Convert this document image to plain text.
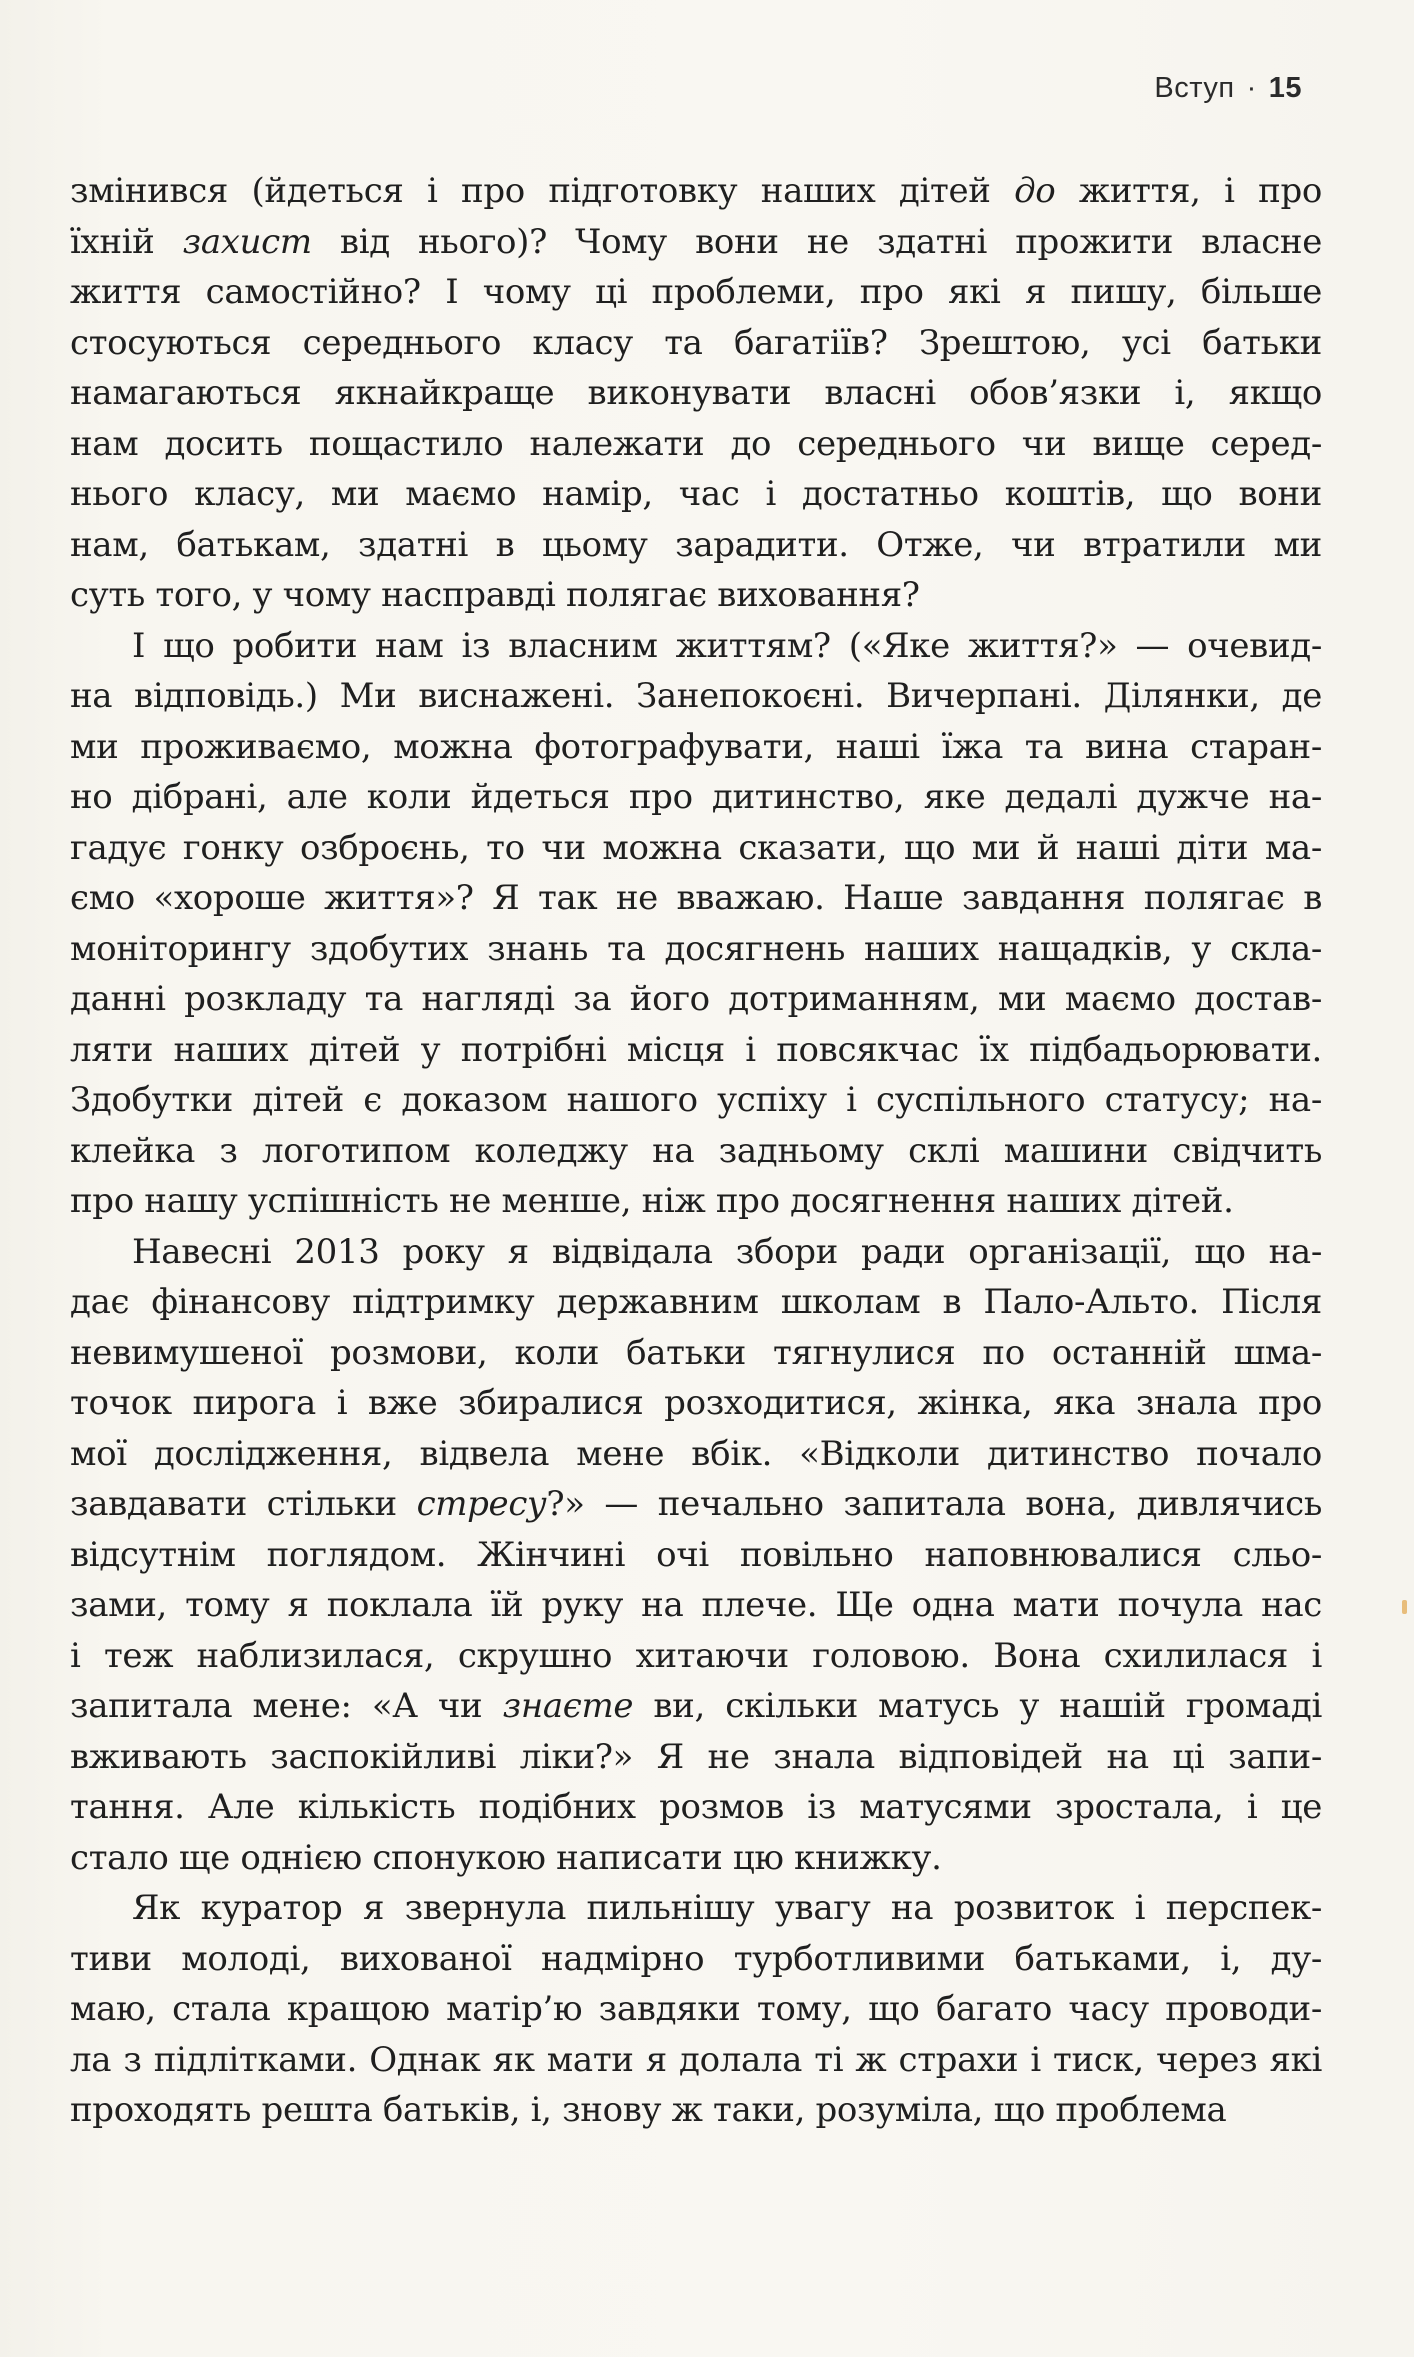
Вступ · 15

змінився (йдеться і про підготовку наших дітей до життя, і про
їхній захист від нього)? Чому вони не здатні прожити власне
життя самостійно? І чому ці проблеми, про які я пишу, більше
стосуються середнього класу та багатіїв? Зрештою, усі батьки
намагаються якнайкраще виконувати власні обов’язки і, якщо
нам досить пощастило належати до середнього чи вище серед-
нього класу, ми маємо намір, час і достатньо коштів, що вони
нам, батькам, здатні в цьому зарадити. Отже, чи втратили ми
суть того, у чому насправді полягає виховання?

І що робити нам із власним життям? («Яке життя?» — очевид-
на відповідь.) Ми виснажені. Занепокоєні. Вичерпані. Ділянки, де
ми проживаємо, можна фотографувати, наші їжа та вина старан-
но дібрані, але коли йдеться про дитинство, яке дедалі дужче на-
гадує гонку озброєнь, то чи можна сказати, що ми й наші діти ма-
ємо «хороше життя»? Я так не вважаю. Наше завдання полягає в
моніторингу здобутих знань та досягнень наших нащадків, у скла-
данні розкладу та нагляді за його дотриманням, ми маємо достав-
ляти наших дітей у потрібні місця і повсякчас їх підбадьорювати.
Здобутки дітей є доказом нашого успіху і суспільного статусу; на-
клейка з логотипом коледжу на задньому склі машини свідчить
про нашу успішність не менше, ніж про досягнення наших дітей.

Навесні 2013 року я відвідала збори ради організації, що на-
дає фінансову підтримку державним школам в Пало-Альто. Після
невимушеної розмови, коли батьки тягнулися по останній шма-
точок пирога і вже збиралися розходитися, жінка, яка знала про
мої дослідження, відвела мене вбік. «Відколи дитинство почало
завдавати стільки стресу?» — печально запитала вона, дивлячись
відсутнім поглядом. Жінчині очі повільно наповнювалися сльо-
зами, тому я поклала їй руку на плече. Ще одна мати почула нас
і теж наблизилася, скрушно хитаючи головою. Вона схилилася і
запитала мене: «А чи знаєте ви, скільки матусь у нашій громаді
вживають заспокійливі ліки?» Я не знала відповідей на ці запи-
тання. Але кількість подібних розмов із матусями зростала, і це
стало ще однією спонукою написати цю книжку.

Як куратор я звернула пильнішу увагу на розвиток і перспек-
тиви молоді, вихованої надмірно турботливими батьками, і, ду-
маю, стала кращою матір’ю завдяки тому, що багато часу проводи-
ла з підлітками. Однак як мати я долала ті ж страхи і тиск, через які
проходять решта батьків, і, знову ж таки, розуміла, що проблема
